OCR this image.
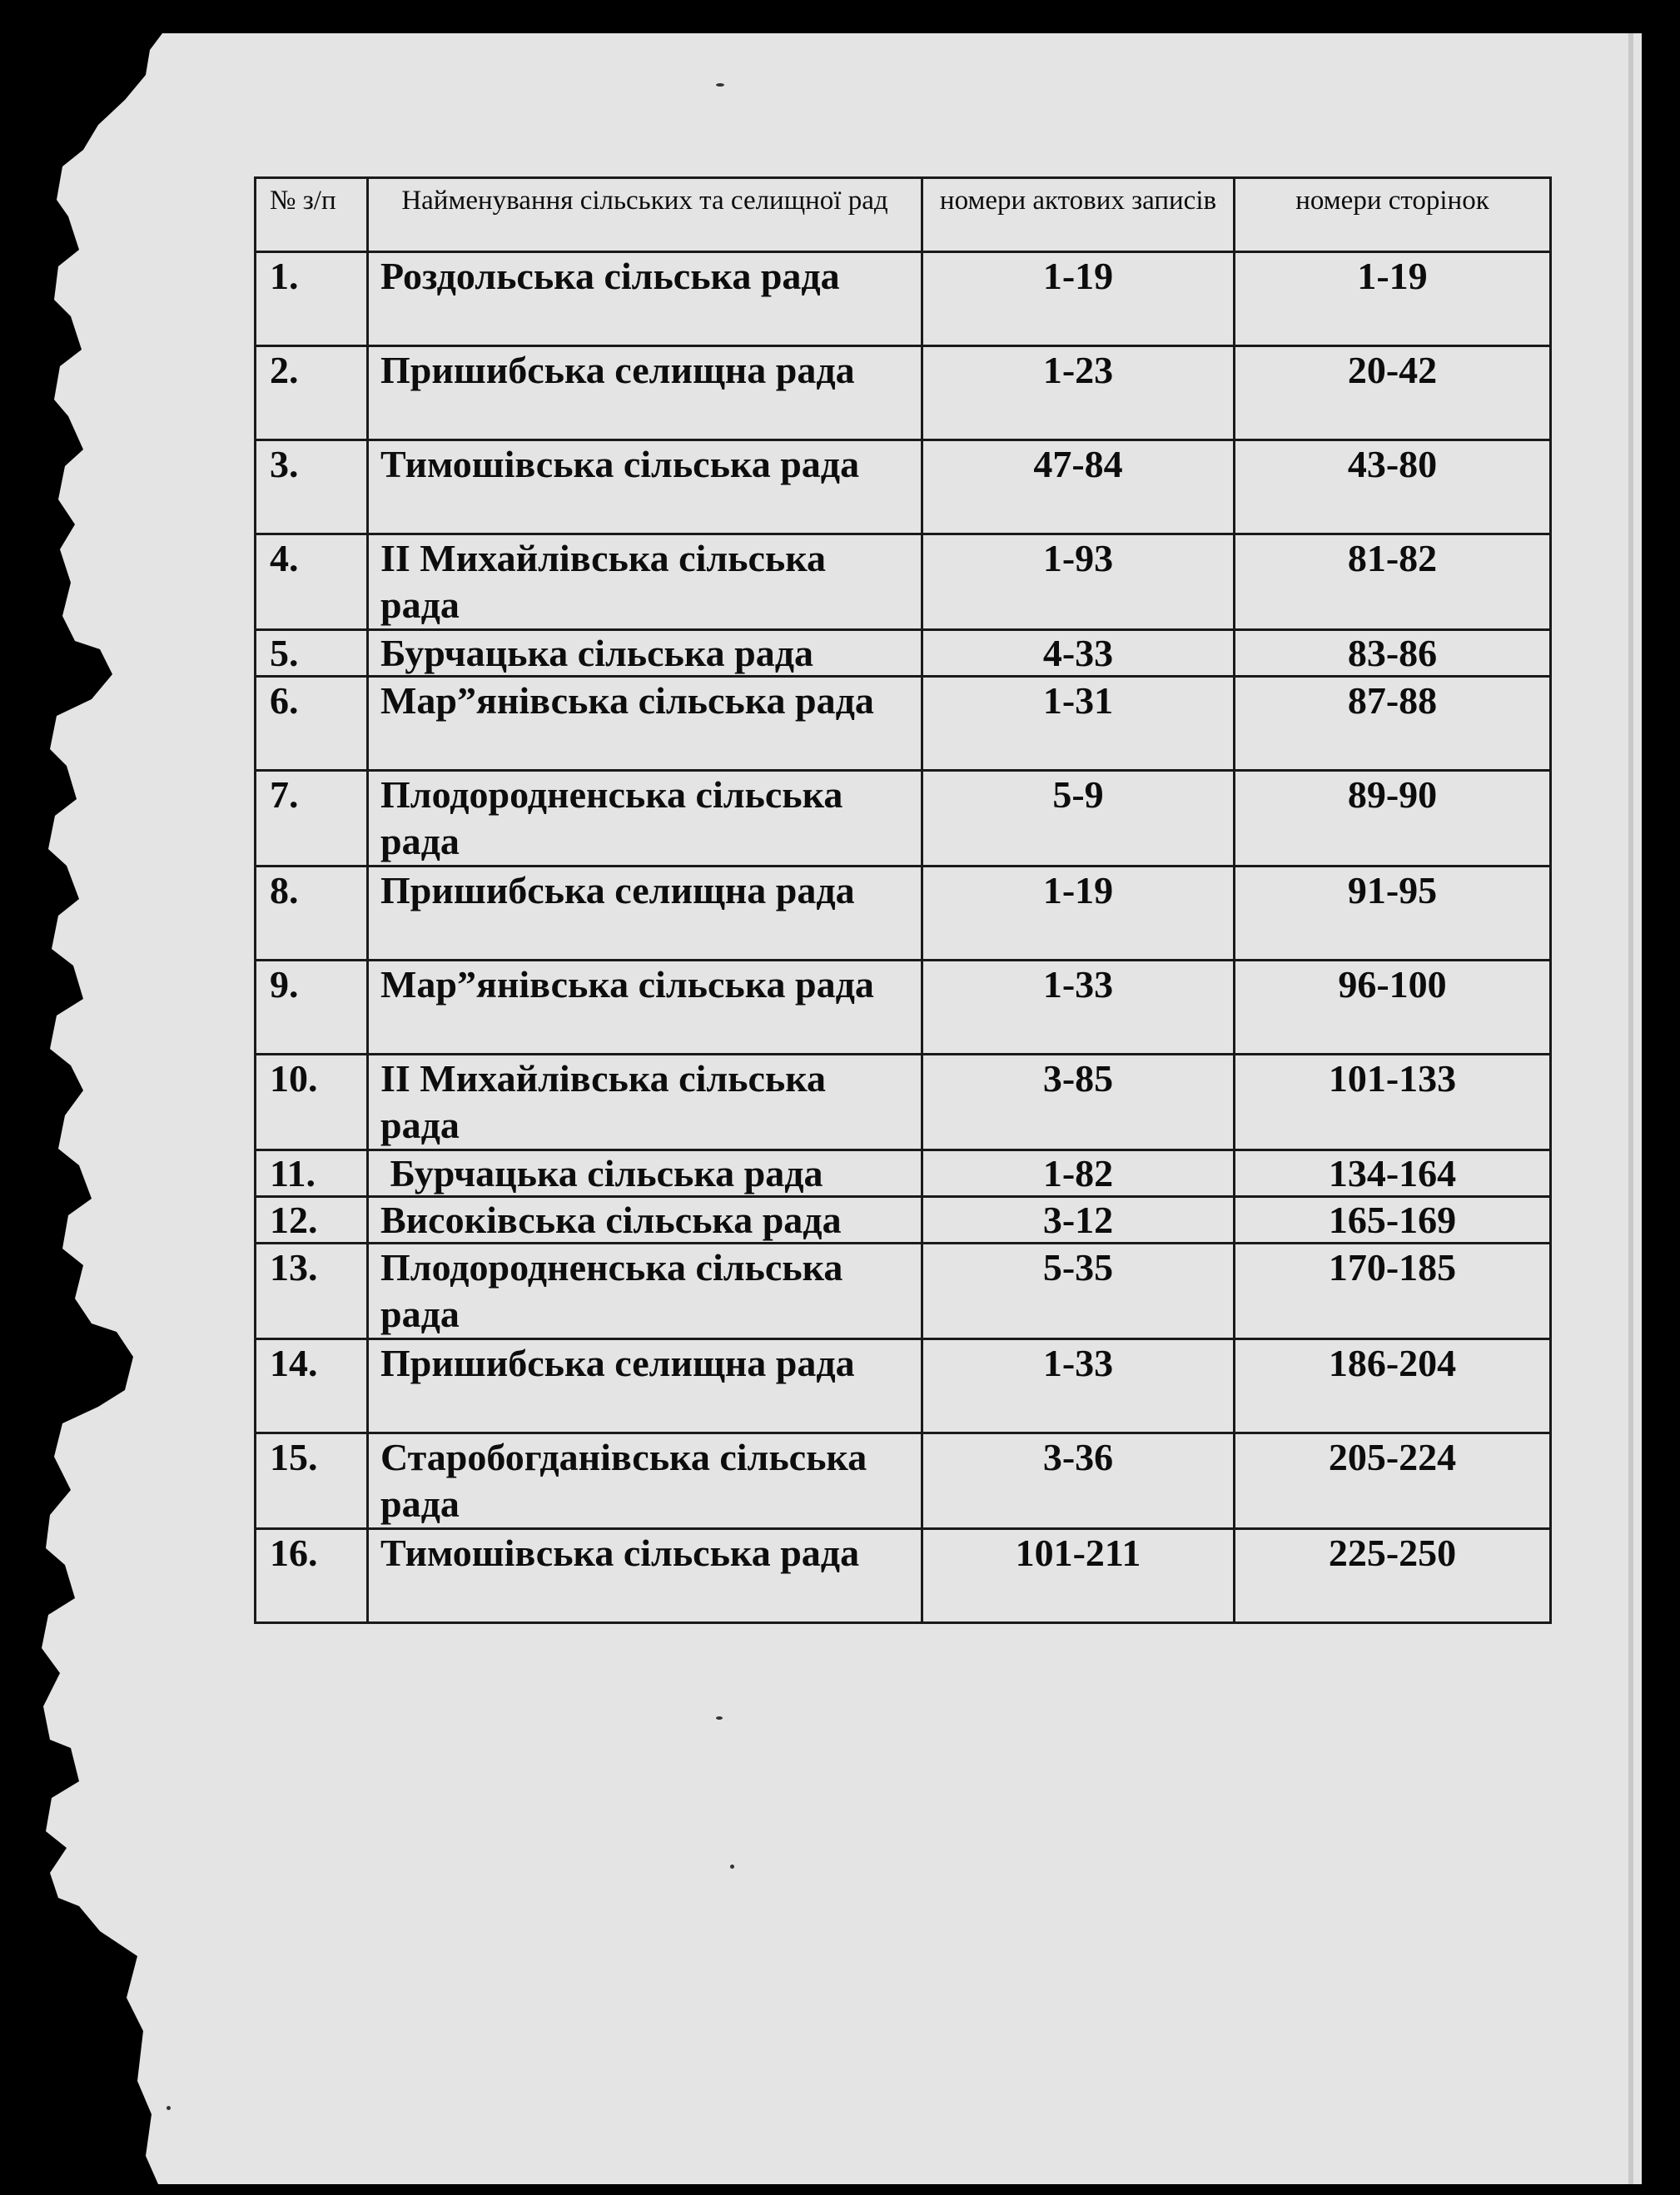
№ з/п	Найменування сільських та селищної рад	номери актових записів	номери сторінок
1.	Роздольська сільська рада	1-19	1-19
2.	Пришибська селищна рада	1-23	20-42
3.	Тимошівська сільська рада	47-84	43-80
4.	ІІ Михайлівська сільська рада	1-93	81-82
5.	Бурчацька сільська рада	4-33	83-86
6.	Мар”янівська сільська рада	1-31	87-88
7.	Плодородненська сільська рада	5-9	89-90
8.	Пришибська селищна рада	1-19	91-95
9.	Мар”янівська сільська рада	1-33	96-100
10.	ІІ Михайлівська сільська рада	3-85	101-133
11.	Бурчацька сільська рада	1-82	134-164
12.	Високівська сільська рада	3-12	165-169
13.	Плодородненська сільська рада	5-35	170-185
14.	Пришибська селищна рада	1-33	186-204
15.	Старобогданівська сільська рада	3-36	205-224
16.	Тимошівська сільська рада	101-211	225-250
